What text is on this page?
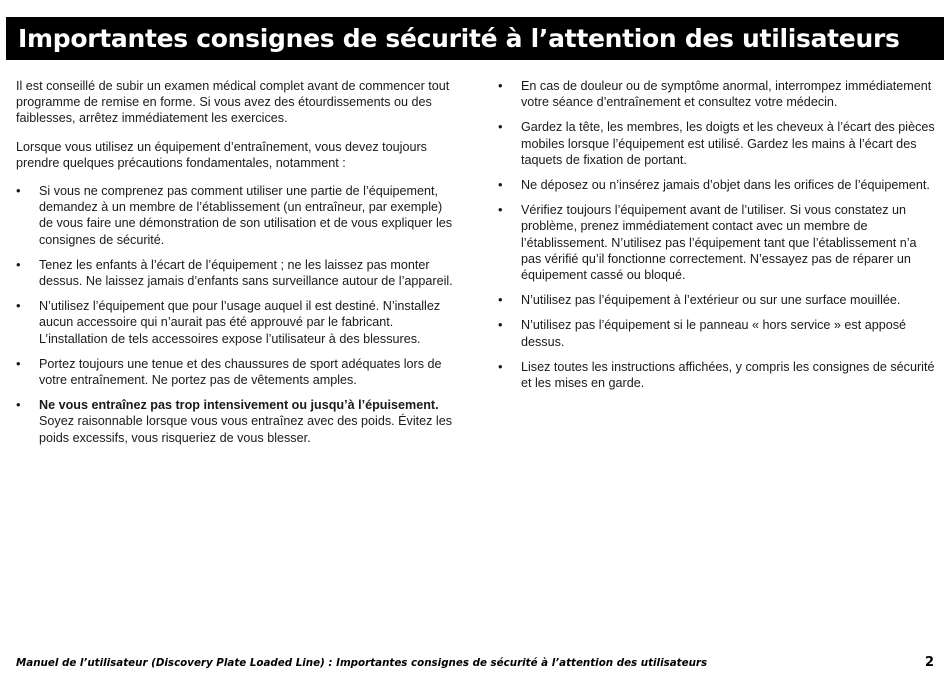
Importantes consignes de sécurité à l’attention des utilisateurs

Il est conseillé de subir un examen médical complet avant de commencer tout programme de remise en forme. Si vous avez des étourdissements ou des faiblesses, arrêtez immédiatement les exercices.

Lorsque vous utilisez un équipement d’entraînement, vous devez toujours prendre quelques précautions fondamentales, notamment :

• Si vous ne comprenez pas comment utiliser une partie de l’équipement, demandez à un membre de l’établissement (un entraîneur, par exemple) de vous faire une démonstration de son utilisation et de vous expliquer les consignes de sécurité.
• Tenez les enfants à l’écart de l’équipement ; ne les laissez pas monter dessus. Ne laissez jamais d’enfants sans surveillance autour de l’appareil.
• N’utilisez l’équipement que pour l’usage auquel il est destiné. N’installez aucun accessoire qui n’aurait pas été approuvé par le fabricant. L’installation de tels accessoires expose l’utilisateur à des blessures.
• Portez toujours une tenue et des chaussures de sport adéquates lors de votre entraînement. Ne portez pas de vêtements amples.
• Ne vous entraînez pas trop intensivement ou jusqu’à l’épuisement.
Soyez raisonnable lorsque vous vous entraînez avec des poids. Évitez les poids excessifs, vous risqueriez de vous blesser.
• En cas de douleur ou de symptôme anormal, interrompez immédiatement votre séance d’entraînement et consultez votre médecin.
• Gardez la tête, les membres, les doigts et les cheveux à l’écart des pièces mobiles lorsque l’équipement est utilisé. Gardez les mains à l’écart des taquets de fixation de portant.
• Ne déposez ou n’insérez jamais d’objet dans les orifices de l’équipement.
• Vérifiez toujours l’équipement avant de l’utiliser. Si vous constatez un problème, prenez immédiatement contact avec un membre de l’établissement. N’utilisez pas l’équipement tant que l’établissement n’a pas vérifié qu’il fonctionne correctement. N’essayez pas de réparer un équipement cassé ou bloqué.
• N’utilisez pas l’équipement à l’extérieur ou sur une surface mouillée.
• N’utilisez pas l’équipement si le panneau « hors service » est apposé dessus.
• Lisez toutes les instructions affichées, y compris les consignes de sécurité et les mises en garde.
Manuel de l’utilisateur (Discovery Plate Loaded Line) : Importantes consignes de sécurité à l’attention des utilisateurs	2
